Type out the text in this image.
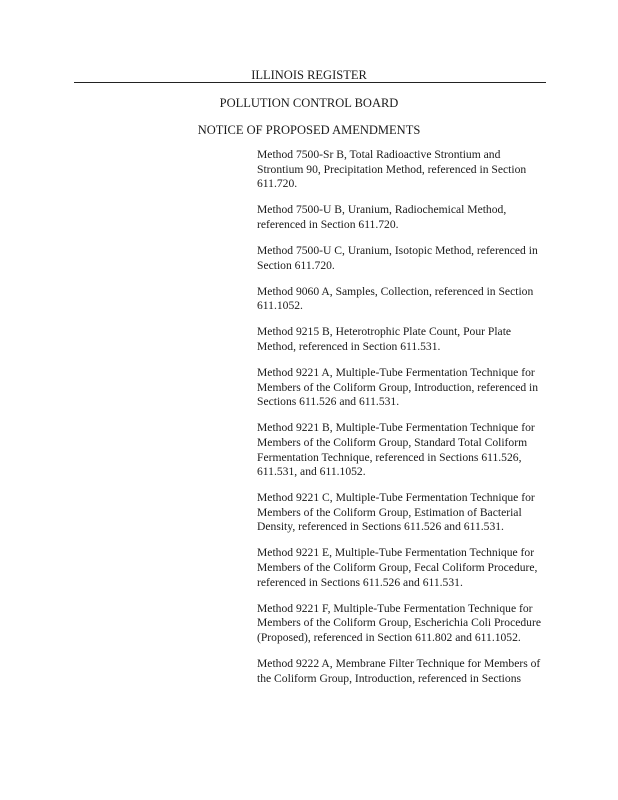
ILLINOIS REGISTER
POLLUTION CONTROL BOARD
NOTICE OF PROPOSED AMENDMENTS
Method 7500-Sr B, Total Radioactive Strontium and Strontium 90, Precipitation Method, referenced in Section 611.720.
Method 7500-U B, Uranium, Radiochemical Method, referenced in Section 611.720.
Method 7500-U C, Uranium, Isotopic Method, referenced in Section 611.720.
Method 9060 A, Samples, Collection, referenced in Section 611.1052.
Method 9215 B, Heterotrophic Plate Count, Pour Plate Method, referenced in Section 611.531.
Method 9221 A, Multiple-Tube Fermentation Technique for Members of the Coliform Group, Introduction, referenced in Sections 611.526 and 611.531.
Method 9221 B, Multiple-Tube Fermentation Technique for Members of the Coliform Group, Standard Total Coliform Fermentation Technique, referenced in Sections 611.526, 611.531, and 611.1052.
Method 9221 C, Multiple-Tube Fermentation Technique for Members of the Coliform Group, Estimation of Bacterial Density, referenced in Sections 611.526 and 611.531.
Method 9221 E, Multiple-Tube Fermentation Technique for Members of the Coliform Group, Fecal Coliform Procedure, referenced in Sections 611.526 and 611.531.
Method 9221 F, Multiple-Tube Fermentation Technique for Members of the Coliform Group, Escherichia Coli Procedure (Proposed), referenced in Section 611.802 and 611.1052.
Method 9222 A, Membrane Filter Technique for Members of the Coliform Group, Introduction, referenced in Sections
